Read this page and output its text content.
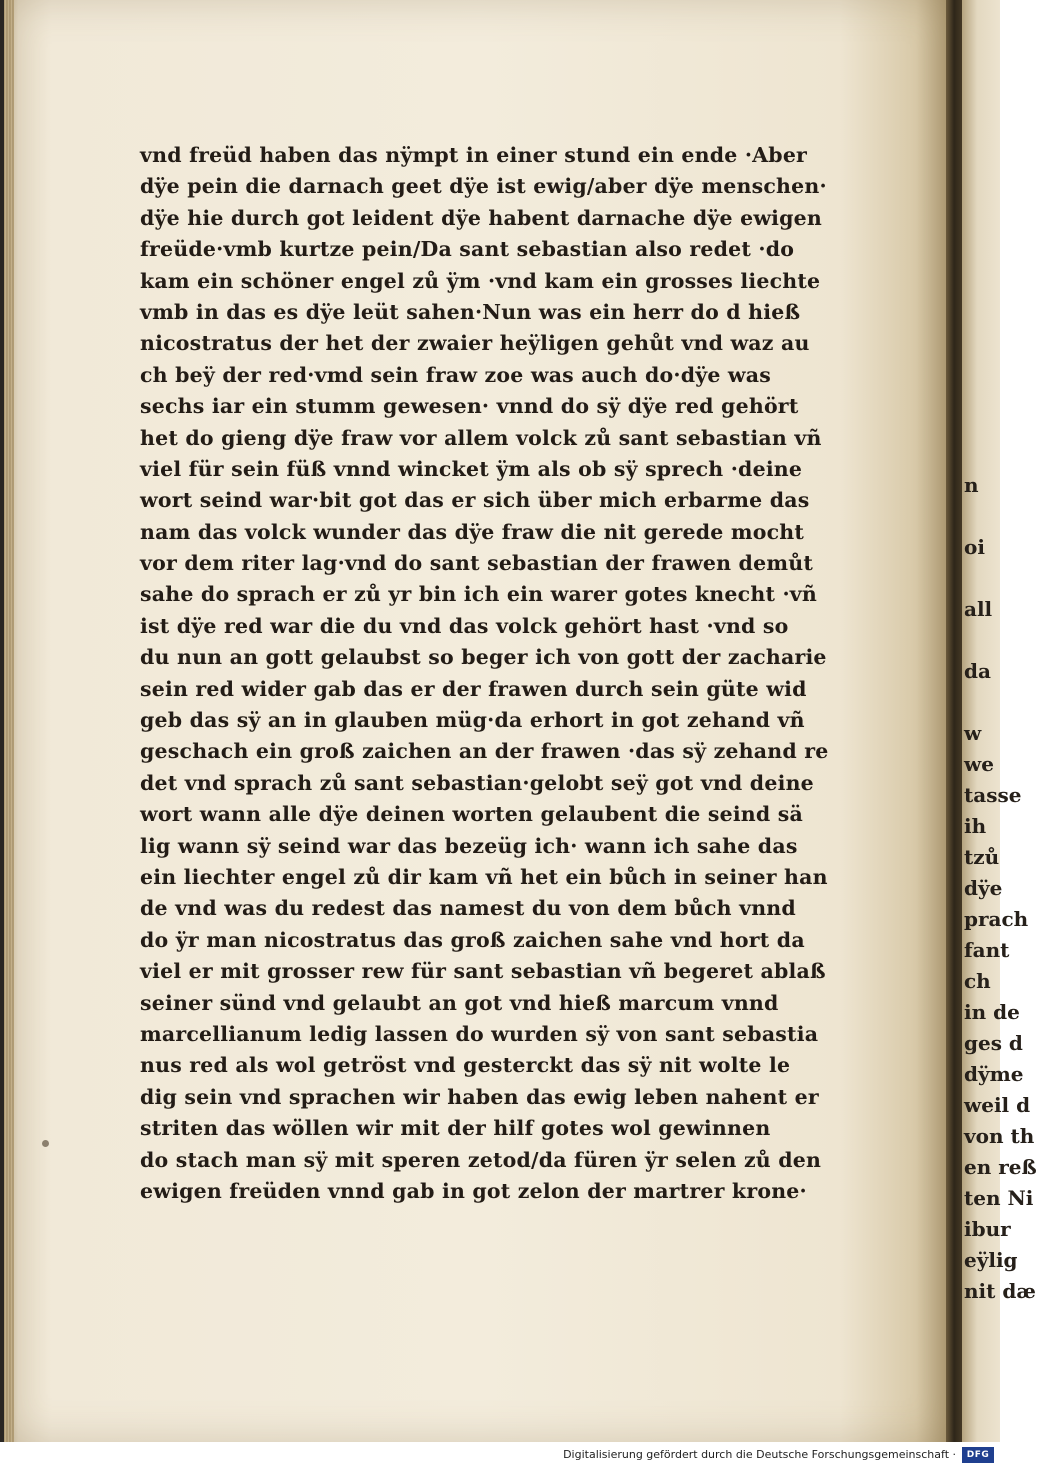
vnd freüd haben das nÿmpt in einer stund ein ende ·Aber
dÿe pein die darnach geet dÿe ist ewig/aber dÿe menschen·
dÿe hie durch got leident dÿe habent darnache dÿe ewigen
freüde·vmb kurtze pein/Da sant sebastian also redet ·do
kam ein schöner engel zů ÿm ·vnd kam ein grosses liechte
vmb in das es dÿe leüt sahen·Nun was ein herr do d hieß
nicostratus der het der zwaier heÿligen gehůt vnd waz au
ch beÿ der red·vmd sein fraw zoe was auch do·dÿe was
sechs iar ein stumm gewesen· vnnd do sÿ dÿe red gehört
het do gieng dÿe fraw vor allem volck zů sant sebastian vñ
viel für sein füß vnnd wincket ÿm als ob sÿ sprech ·deine
wort seind war·bit got das er sich über mich erbarme das
nam das volck wunder das dÿe fraw die nit gerede mocht
vor dem riter lag·vnd do sant sebastian der frawen demůt
sahe do sprach er zů yr bin ich ein warer gotes knecht ·vñ
ist dÿe red war die du vnd das volck gehört hast ·vnd so
du nun an gott gelaubst so beger ich von gott der zacharie
sein red wider gab das er der frawen durch sein güte wid
geb das sÿ an in glauben müg·da erhort in got zehand vñ
geschach ein groß zaichen an der frawen ·das sÿ zehand re
det vnd sprach zů sant sebastian·gelobt seÿ got vnd deine
wort wann alle dÿe deinen worten gelaubent die seind sä
lig wann sÿ seind war das bezeüg ich· wann ich sahe das
ein liechter engel zů dir kam vñ het ein bůch in seiner han
de vnd was du redest das namest du von dem bůch vnnd
do ÿr man nicostratus das groß zaichen sahe vnd hort da
viel er mit grosser rew für sant sebastian vñ begeret ablaß
seiner sünd vnd gelaubt an got vnd hieß marcum vnnd
marcellianum ledig lassen do wurden sÿ von sant sebastia
nus red als wol getröst vnd gesterckt das sÿ nit wolte le
dig sein vnd sprachen wir haben das ewig leben nahent er
striten das wöllen wir mit der hilf gotes wol gewinnen
do stach man sÿ mit speren zetod/da füren ÿr selen zů den
ewigen freüden vnnd gab in got zelon der martrer krone·
n
oi
all
da
w
we
tasse
ih
tzů
dÿe
prach
fant
ch
in de
ges d
dÿme
weil d
von th
en reß
ten Ni
ibur
eÿlig
nit dæ
Digitalisierung gefördert durch die Deutsche Forschungsgemeinschaft ·	DFG
